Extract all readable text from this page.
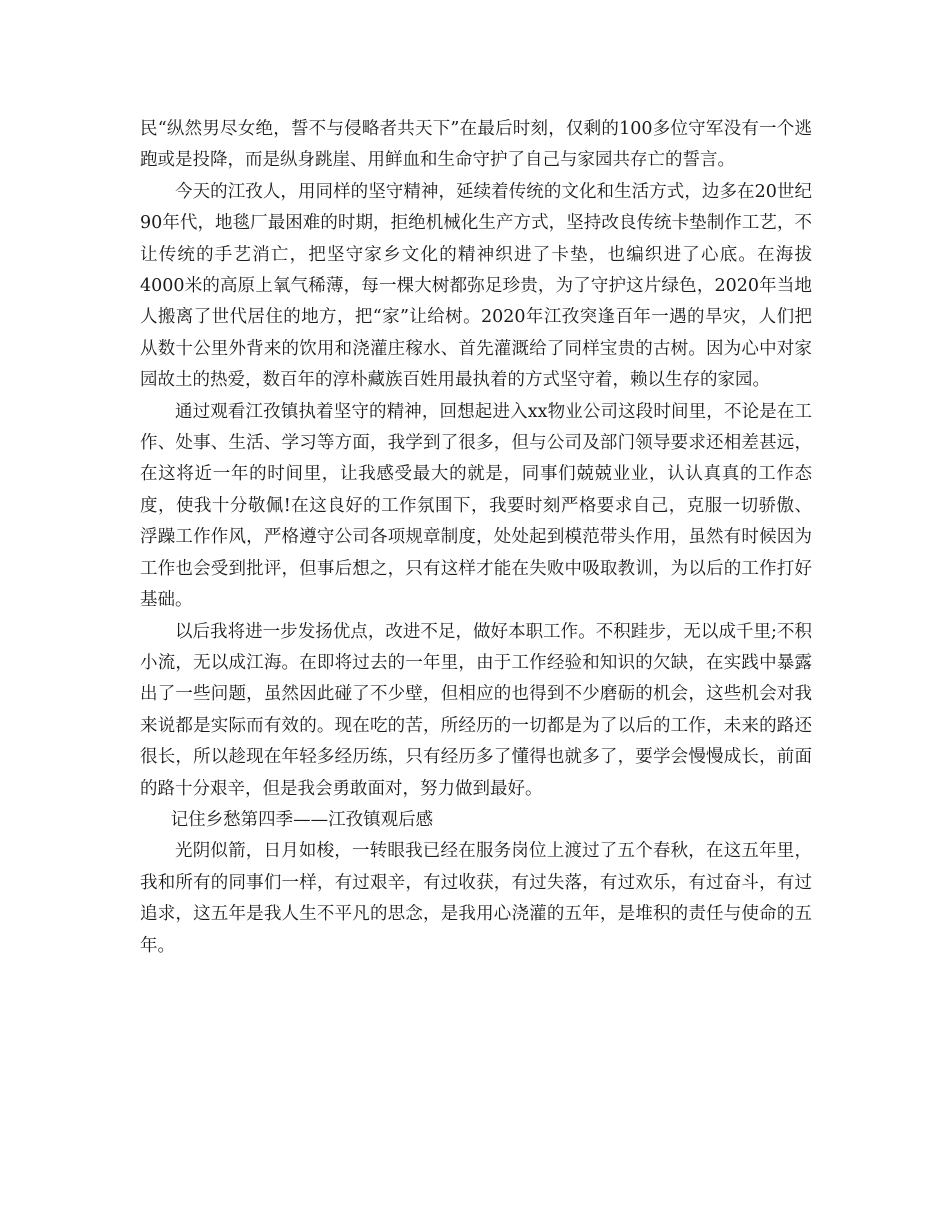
民“纵然男尽女绝，誓不与侵略者共天下”在最后时刻，仅剩的100多位守军没有一个逃跑或是投降，而是纵身跳崖、用鲜血和生命守护了自己与家园共存亡的誓言。

今天的江孜人，用同样的坚守精神，延续着传统的文化和生活方式，边多在20世纪90年代，地毯厂最困难的时期，拒绝机械化生产方式，坚持改良传统卡垫制作工艺，不让传统的手艺消亡，把坚守家乡文化的精神织进了卡垫，也编织进了心底。在海拔4000米的高原上氧气稀薄，每一棵大树都弥足珍贵，为了守护这片绿色，2020年当地人搬离了世代居住的地方，把“家”让给树。2020年江孜突逢百年一遇的旱灾，人们把从数十公里外背来的饮用和浇灌庄稼水、首先灌溉给了同样宝贵的古树。因为心中对家园故土的热爱，数百年的淳朴藏族百姓用最执着的方式坚守着，赖以生存的家园。

通过观看江孜镇执着坚守的精神，回想起进入xx物业公司这段时间里，不论是在工作、处事、生活、学习等方面，我学到了很多，但与公司及部门领导要求还相差甚远，在这将近一年的时间里，让我感受最大的就是，同事们兢兢业业，认认真真的工作态度，使我十分敬佩!在这良好的工作氛围下，我要时刻严格要求自己，克服一切骄傲、浮躁工作作风，严格遵守公司各项规章制度，处处起到模范带头作用，虽然有时候因为工作也会受到批评，但事后想之，只有这样才能在失败中吸取教训，为以后的工作打好基础。

以后我将进一步发扬优点，改进不足，做好本职工作。不积跬步，无以成千里;不积小流，无以成江海。在即将过去的一年里，由于工作经验和知识的欠缺，在实践中暴露出了一些问题，虽然因此碰了不少壁，但相应的也得到不少磨砺的机会，这些机会对我来说都是实际而有效的。现在吃的苦，所经历的一切都是为了以后的工作，未来的路还很长，所以趁现在年轻多经历练，只有经历多了懂得也就多了，要学会慢慢成长，前面的路十分艰辛，但是我会勇敢面对，努力做到最好。

记住乡愁第四季——江孜镇观后感

光阴似箭，日月如梭，一转眼我已经在服务岗位上渡过了五个春秋，在这五年里，我和所有的同事们一样，有过艰辛，有过收获，有过失落，有过欢乐，有过奋斗，有过追求，这五年是我人生不平凡的思念，是我用心浇灌的五年，是堆积的责任与使命的五年。
